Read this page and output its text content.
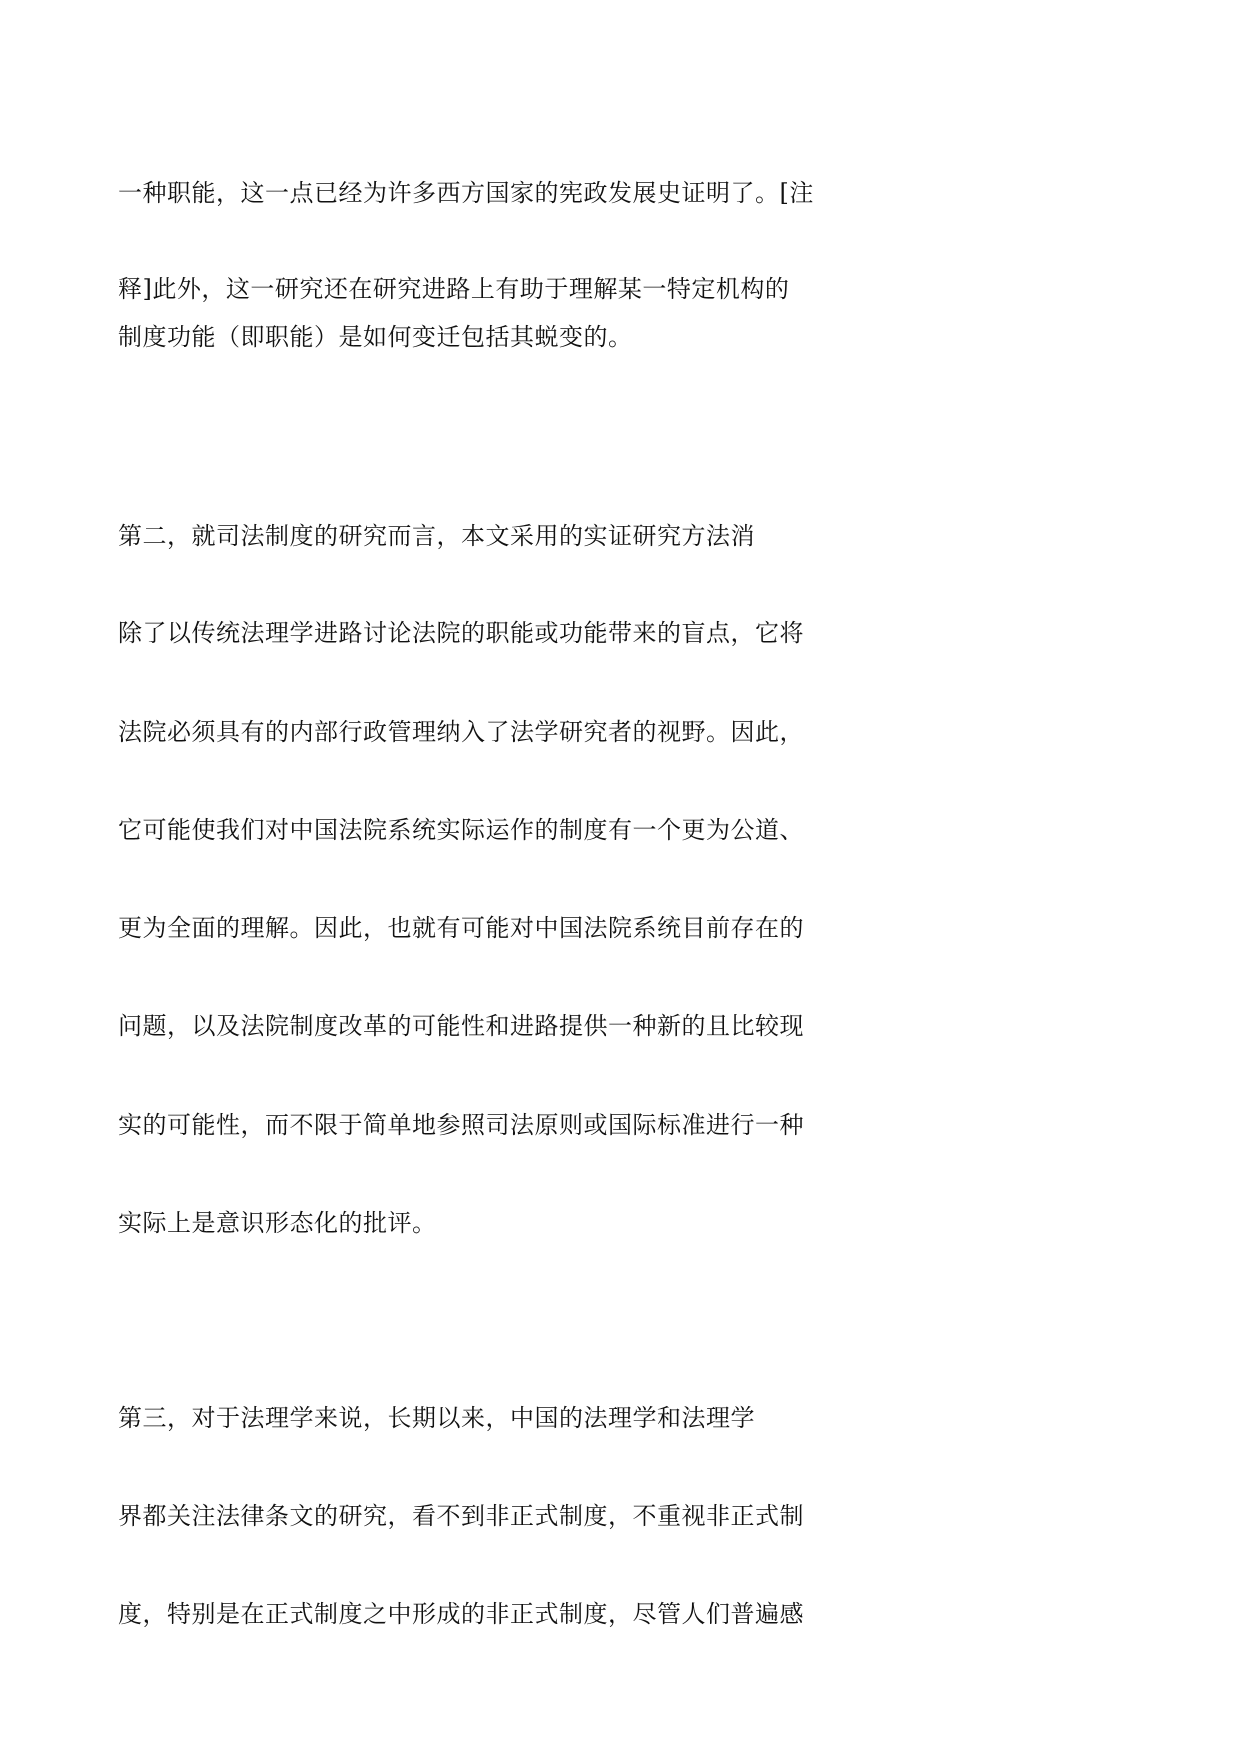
一种职能，这一点已经为许多西方国家的宪政发展史证明了。[注

释]此外，这一研究还在研究进路上有助于理解某一特定机构的

制度功能（即职能）是如何变迁包括其蜕变的。

第二，就司法制度的研究而言，本文采用的实证研究方法消

除了以传统法理学进路讨论法院的职能或功能带来的盲点，它将

法院必须具有的内部行政管理纳入了法学研究者的视野。因此，

它可能使我们对中国法院系统实际运作的制度有一个更为公道、

更为全面的理解。因此，也就有可能对中国法院系统目前存在的

问题，以及法院制度改革的可能性和进路提供一种新的且比较现

实的可能性，而不限于简单地参照司法原则或国际标准进行一种

实际上是意识形态化的批评。

第三，对于法理学来说，长期以来，中国的法理学和法理学

界都关注法律条文的研究，看不到非正式制度，不重视非正式制

度，特别是在正式制度之中形成的非正式制度，尽管人们普遍感
